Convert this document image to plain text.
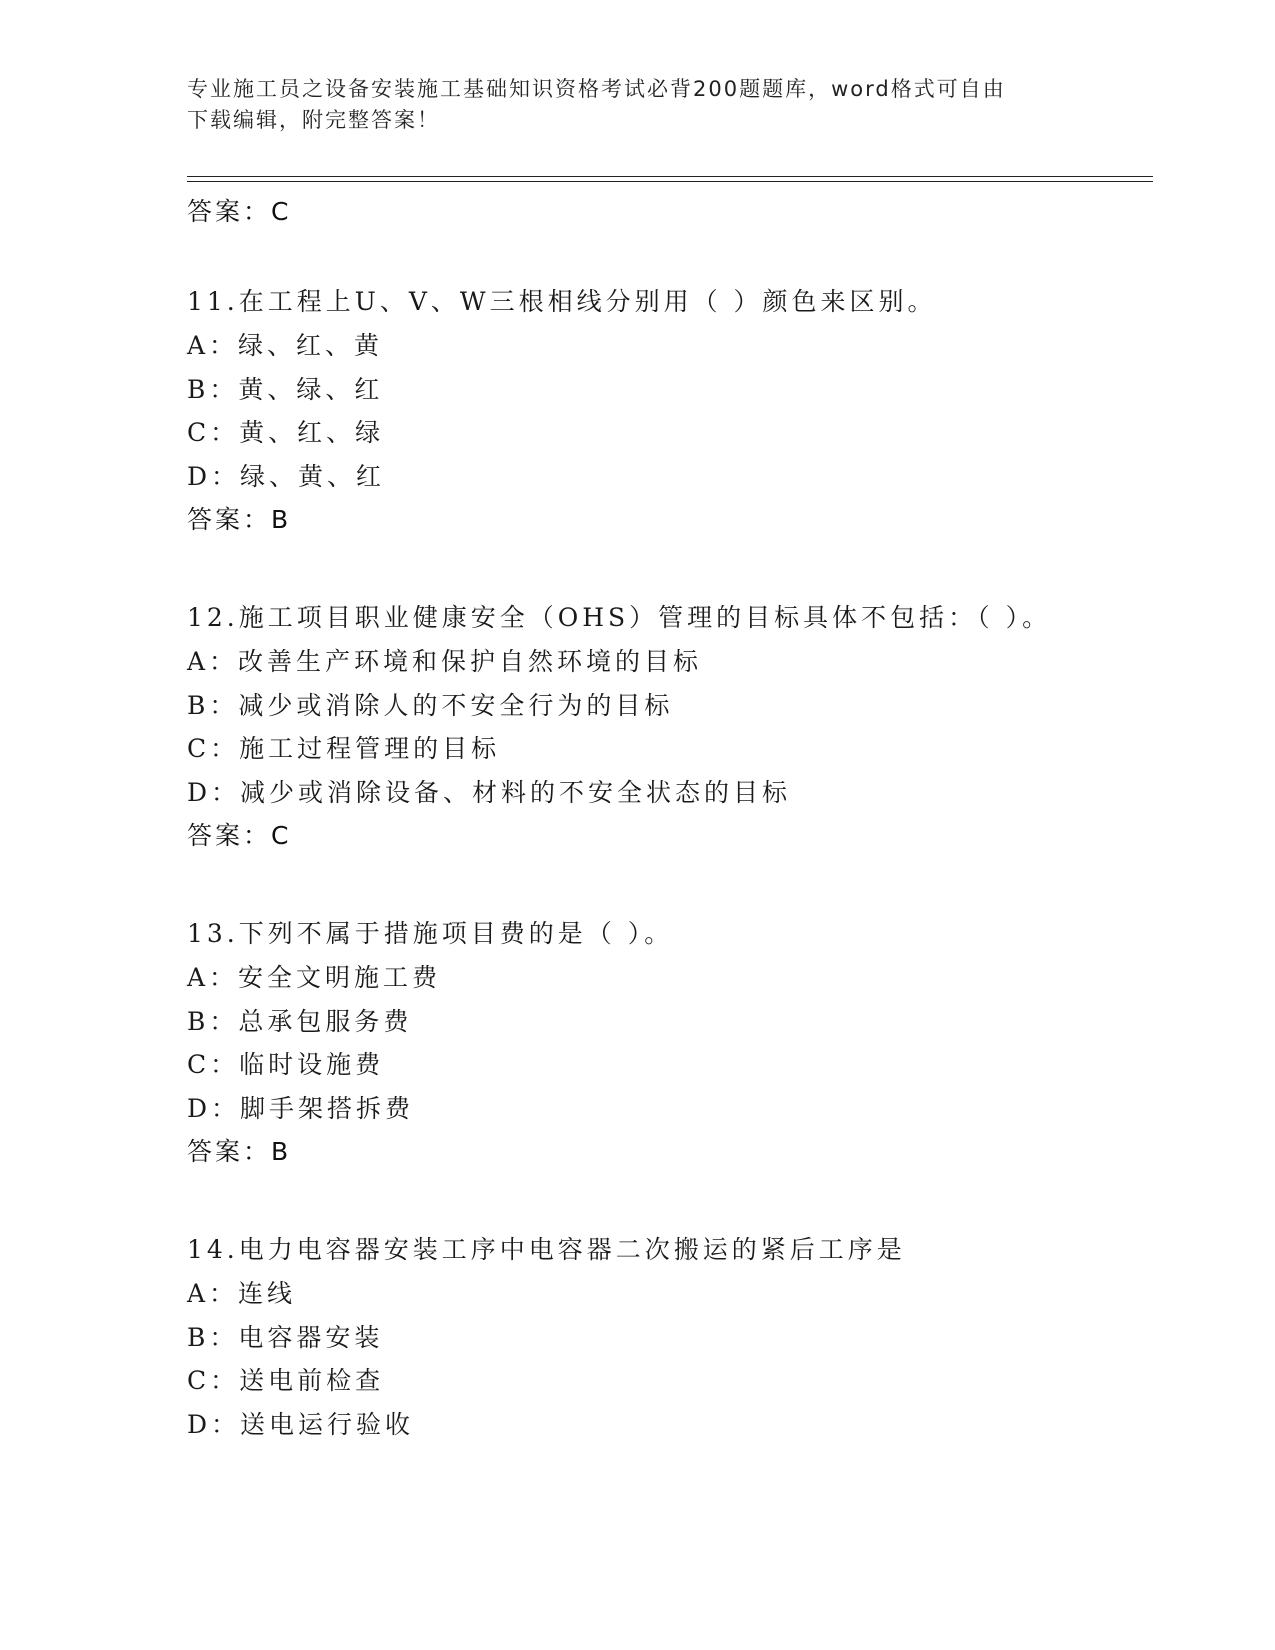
专业施工员之设备安装施工基础知识资格考试必背200题题库，word格式可自由
下载编辑，附完整答案！
答案：C
11.在工程上U、V、W三根相线分别用（ ）颜色来区别。
A：绿、红、黄
B：黄、绿、红
C：黄、红、绿
D：绿、黄、红
答案：B
12.施工项目职业健康安全（OHS）管理的目标具体不包括：（ ）。
A：改善生产环境和保护自然环境的目标
B：减少或消除人的不安全行为的目标
C：施工过程管理的目标
D：减少或消除设备、材料的不安全状态的目标
答案：C
13.下列不属于措施项目费的是（ ）。
A：安全文明施工费
B：总承包服务费
C：临时设施费
D：脚手架搭拆费
答案：B
14.电力电容器安装工序中电容器二次搬运的紧后工序是
A：连线
B：电容器安装
C：送电前检查
D：送电运行验收
